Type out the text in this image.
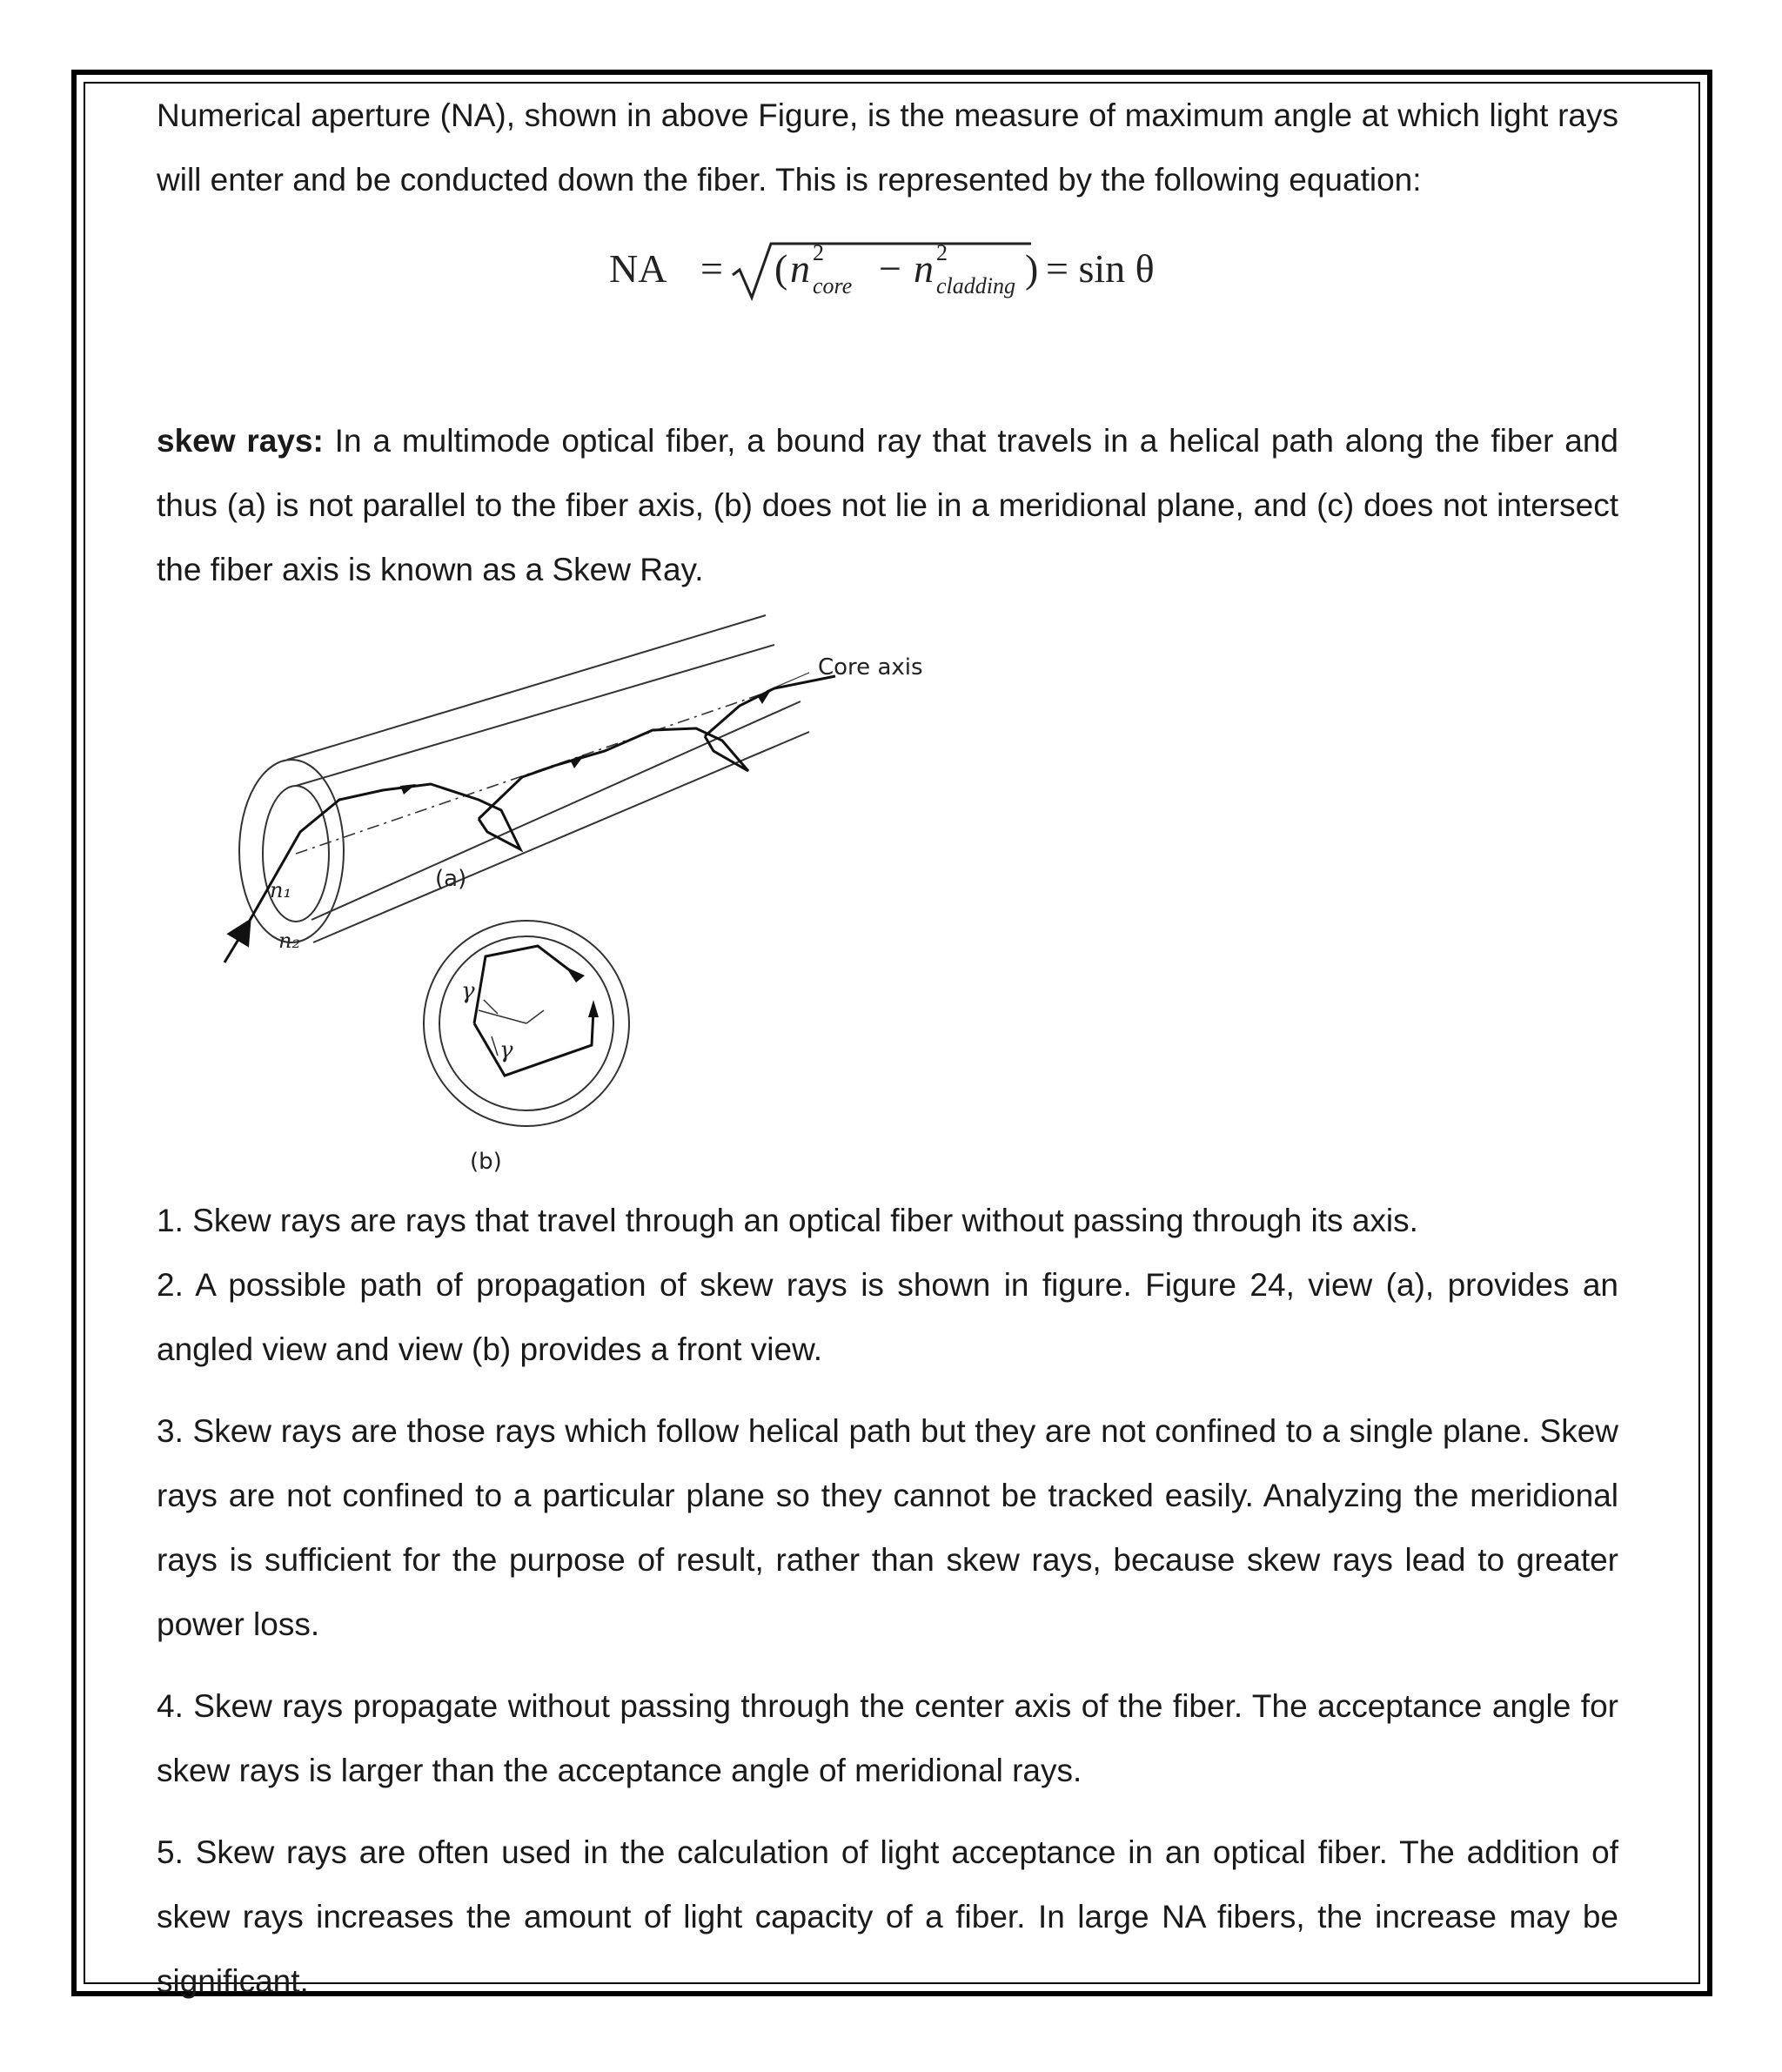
Numerical aperture (NA), shown in above Figure, is the measure of maximum angle at which light rays will enter and be conducted down the fiber. This is represented by the following equation:

NA = ( n 2
core − n 2
cladding ) = sin θ

skew rays: In a multimode optical fiber, a bound ray that travels in a helical path along the fiber and thus (a) is not parallel to the fiber axis, (b) does not lie in a meridional plane, and (c) does not intersect the fiber axis is known as a Skew Ray.

Core axis
(a)
(b)
n₁
n₂
γ
γ

1. Skew rays are rays that travel through an optical fiber without passing through its axis.

2. A possible path of propagation of skew rays is shown in figure. Figure 24, view (a), provides an angled view and view (b) provides a front view.

3. Skew rays are those rays which follow helical path but they are not confined to a single plane. Skew rays are not confined to a particular plane so they cannot be tracked easily. Analyzing the meridional rays is sufficient for the purpose of result, rather than skew rays, because skew rays lead to greater power loss.

4. Skew rays propagate without passing through the center axis of the fiber. The acceptance angle for skew rays is larger than the acceptance angle of meridional rays.

5. Skew rays are often used in the calculation of light acceptance in an optical fiber. The addition of skew rays increases the amount of light capacity of a fiber. In large NA fibers, the increase may be significant.
